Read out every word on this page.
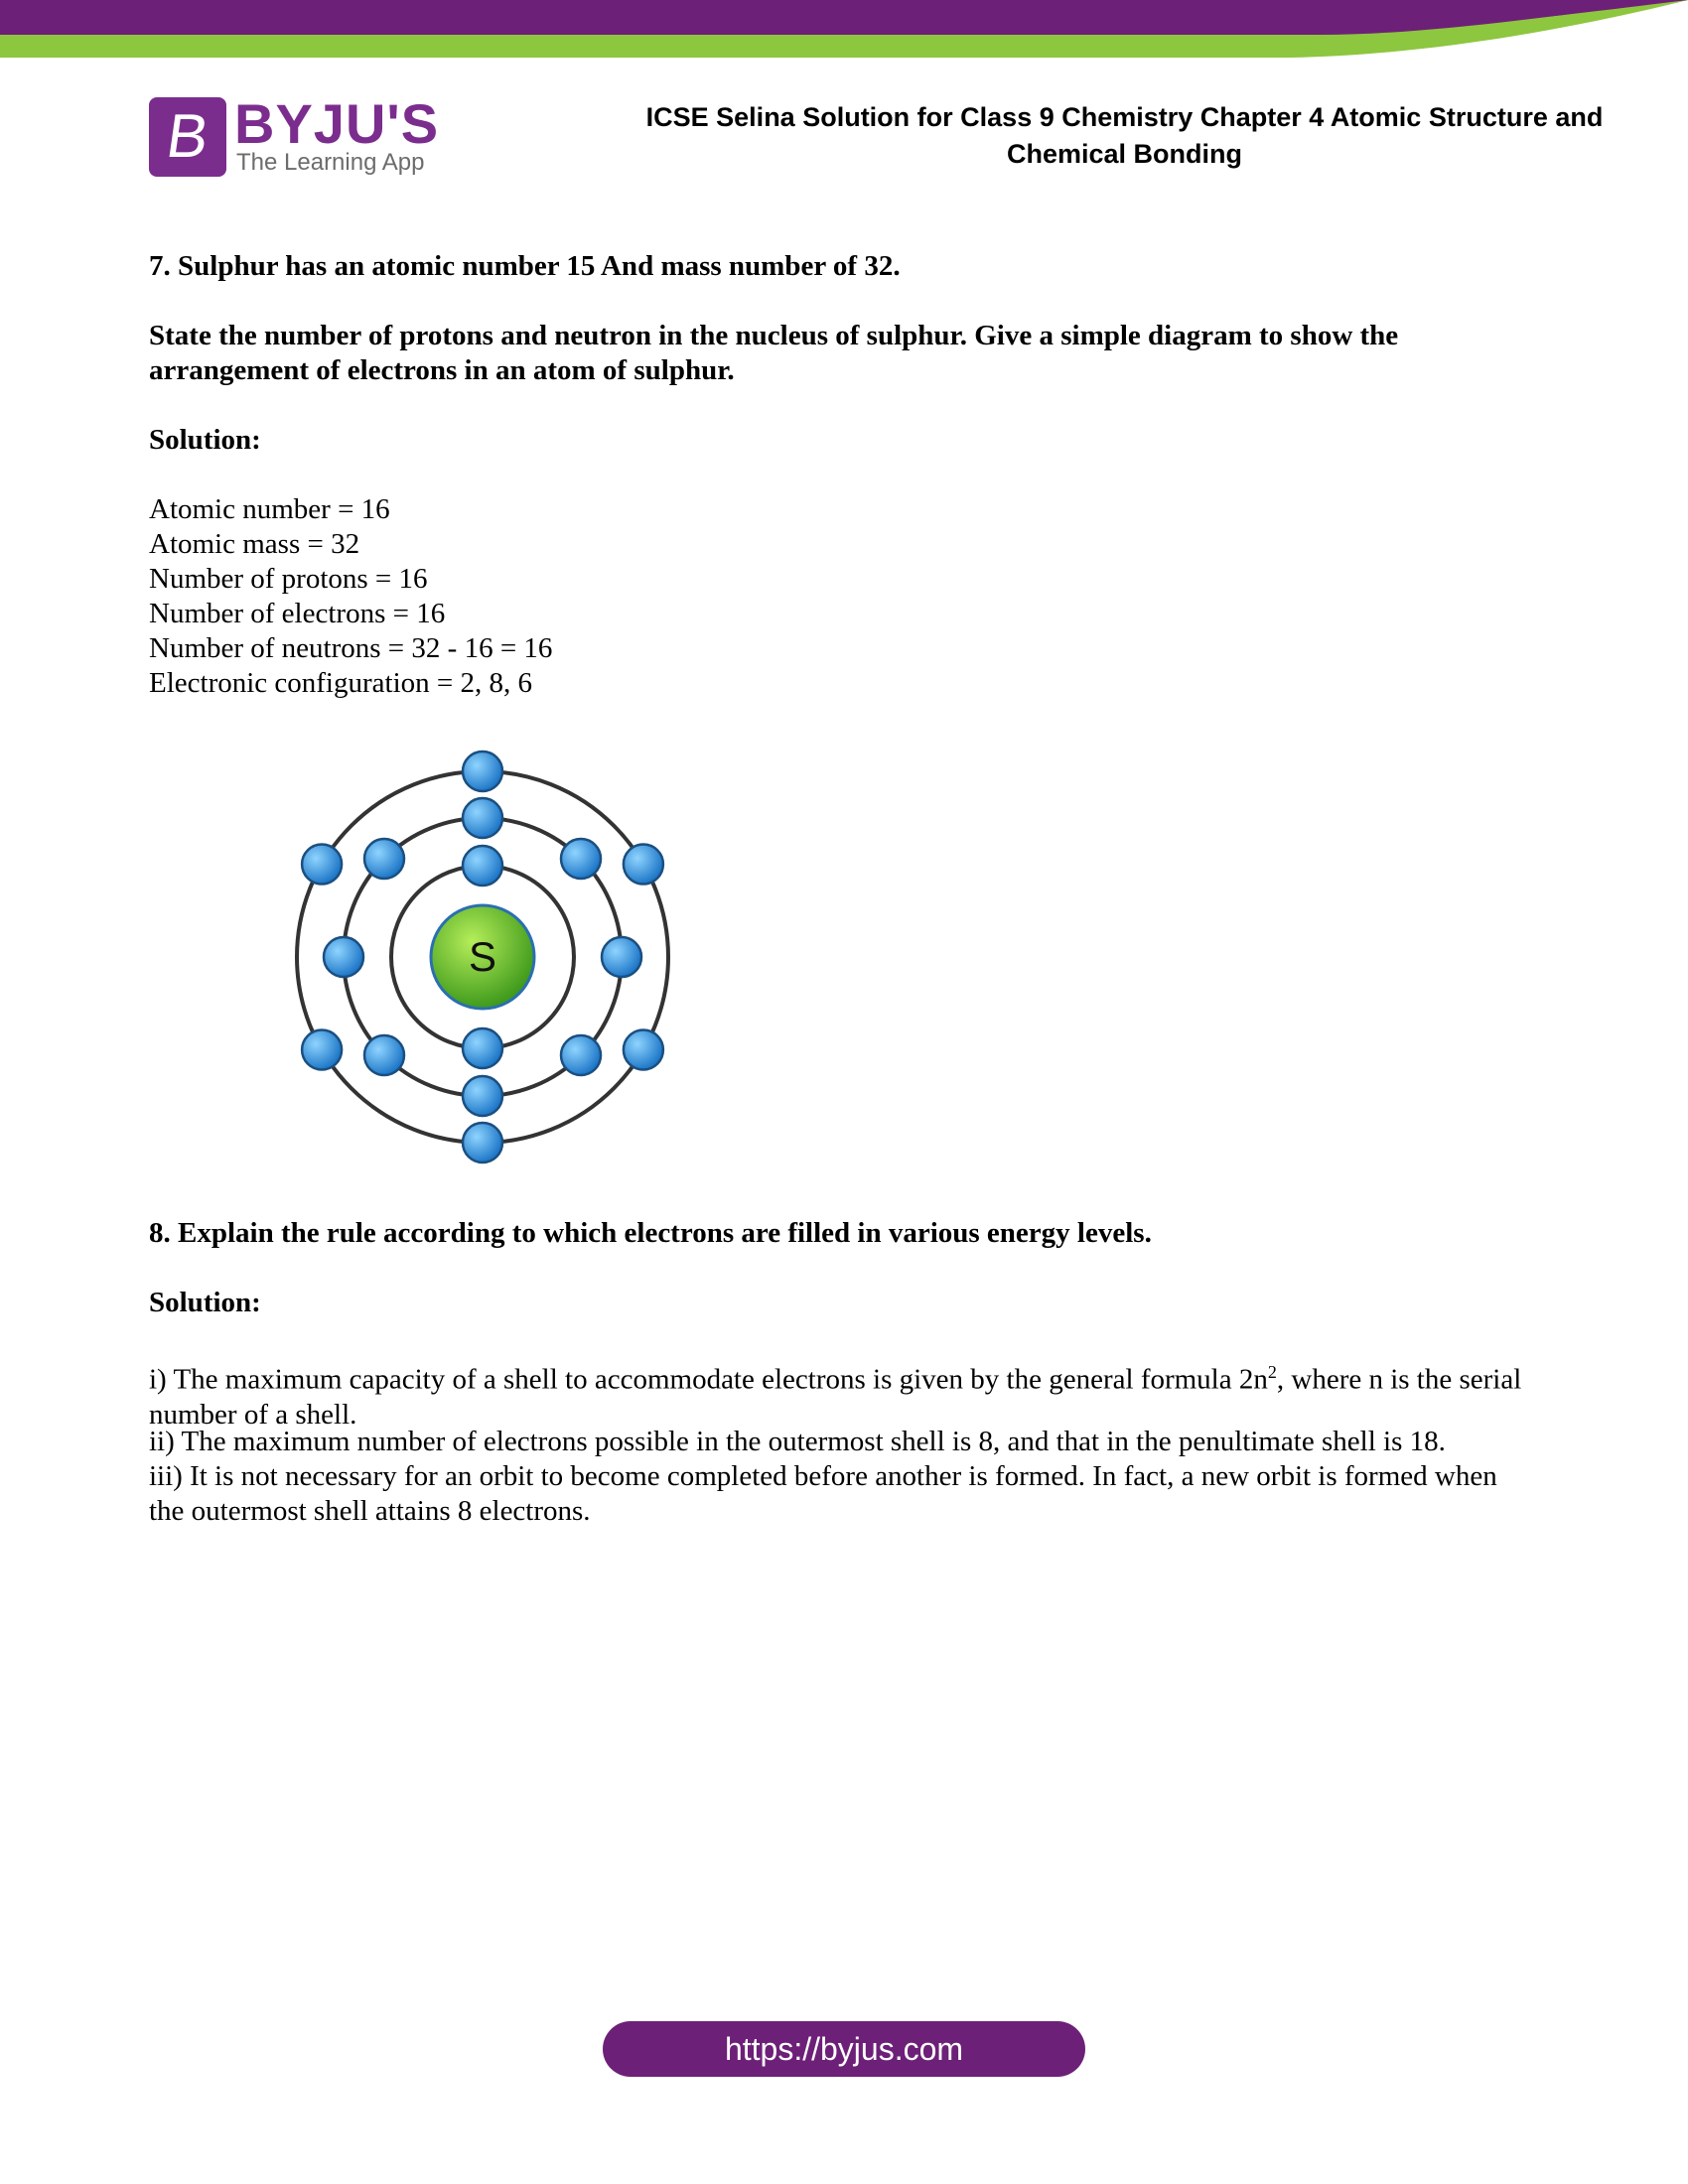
B BYJU'S
The Learning App
ICSE Selina Solution for Class 9 Chemistry Chapter 4 Atomic Structure and Chemical Bonding
7. Sulphur has an atomic number 15 And mass number of 32.
State the number of protons and neutron in the nucleus of sulphur. Give a simple diagram to show the arrangement of electrons in an atom of sulphur.
Solution:
Atomic number = 16
Atomic mass = 32
Number of protons = 16
Number of electrons = 16
Number of neutrons = 32 - 16 = 16
Electronic configuration = 2, 8, 6
S
8. Explain the rule according to which electrons are filled in various energy levels.
Solution:
i) The maximum capacity of a shell to accommodate electrons is given by the general formula $2n^2$, where n is the serial number of a shell.
ii) The maximum number of electrons possible in the outermost shell is 8, and that in the penultimate shell is 18.
iii) It is not necessary for an orbit to become completed before another is formed. In fact, a new orbit is formed when the outermost shell attains 8 electrons.
https://byjus.com
